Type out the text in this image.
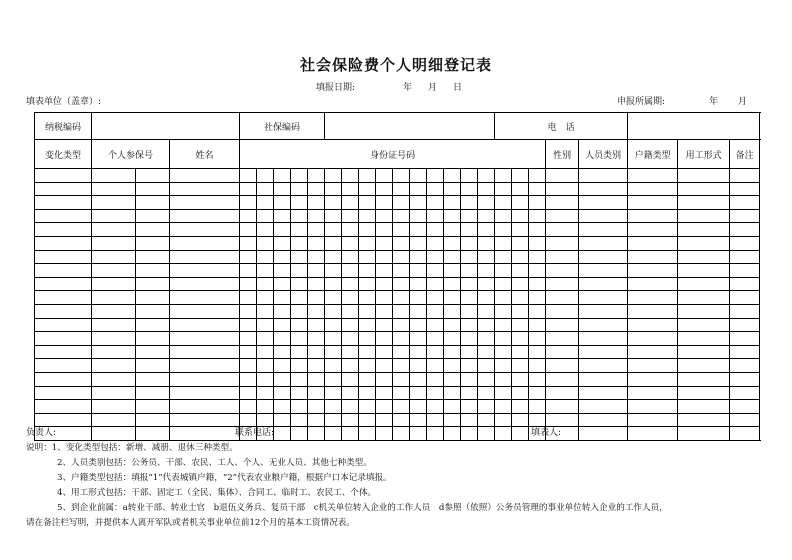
社会保险费个人明细登记表
填报日期:	年 月 日
填表单位（盖章）:	申报所属期:	年 月
纳税编码				社保编码															电　话			
变化类型	个人参保号		姓名	身份证号码																		性别	人员类别	户籍类型	用工形式	备注	

负责人:	联系电话:	填表人:
说明：1、变化类型包括：新增、减册、退休三种类型。
2、人员类别包括：公务员、干部、农民、工人、个人、无业人员、其他七种类型。
3、户籍类型包括：填报“1”代表城镇户籍，“2”代表农业粮户籍，根据户口本记录填报。
4、用工形式包括：干部、固定工（全民、集体）、合同工、临时工、农民工、个体。
5、到企业前属：a转业干部、转业士官　b退伍义务兵、复员干部　c机关单位转入企业的工作人员　d参照（依照）公务员管理的事业单位转入企业的工作人员，
请在备注栏写明，并提供本人离开军队或者机关事业单位前12个月的基本工资情况表。
